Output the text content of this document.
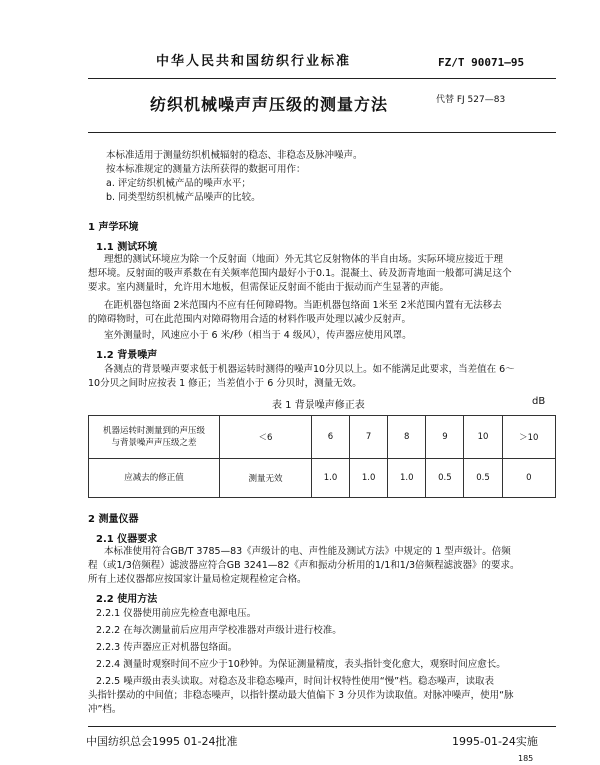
中华人民共和国纺织行业标准	FZ/T 90071—95
纺织机械噪声声压级的测量方法	代替 FJ 527—83
本标准适用于测量纺织机械辐射的稳态、非稳态及脉冲噪声。
按本标准规定的测量方法所获得的数据可用作：
a. 评定纺织机械产品的噪声水平；
b. 同类型纺织机械产品噪声的比较。
1 声学环境
1.1 测试环境
理想的测试环境应为除一个反射面（地面）外无其它反射物体的半自由场。实际环境应接近于理
想环境。反射面的吸声系数在有关频率范围内最好小于0.1。混凝土、砖及沥青地面一般都可满足这个
要求。室内测量时，允许用木地板，但需保证反射面不能由于振动而产生显著的声能。
在距机器包络面 2米范围内不应有任何障碍物。当距机器包络面 1米至 2米范围内置有无法移去
的障碍物时，可在此范围内对障碍物用合适的材料作吸声处理以减少反射声。
室外测量时，风速应小于 6 米/秒（相当于 4 级风），传声器应使用风罩。
1.2 背景噪声
各测点的背景噪声要求低于机器运转时测得的噪声10分贝以上。如不能满足此要求，当差值在 6～
10分贝之间时应按表 1 修正；当差值小于 6 分贝时，测量无效。
表 1 背景噪声修正表	dB
机器运转时测量到的声压级
与背景噪声声压级之差	＜6	6	7	8	9	10	＞10
应减去的修正值	测量无效	1.0	1.0	1.0	0.5	0.5	0
2 测量仪器
2.1 仪器要求
本标准使用符合GB/T 3785—83《声级计的电、声性能及测试方法》中规定的 1 型声级计。倍频
程（或1/3倍频程）滤波器应符合GB 3241—82《声和振动分析用的1/1和1/3倍频程滤波器》的要求。
所有上述仪器都应按国家计量局检定规程检定合格。
2.2 使用方法
2.2.1 仪器使用前应先检查电源电压。
2.2.2 在每次测量前后应用声学校准器对声级计进行校准。
2.2.3 传声器应正对机器包络面。
2.2.4 测量时观察时间不应少于10秒钟。为保证测量精度，表头指针变化愈大，观察时间应愈长。
2.2.5 噪声级由表头读取。对稳态及非稳态噪声，时间计权特性使用“慢”档。稳态噪声，读取表
头指针摆动的中间值；非稳态噪声，以指针摆动最大值偏下 3 分贝作为读取值。对脉冲噪声，使用“脉
冲”档。
中国纺织总会1995 01-24批准	1995-01-24实施
185
